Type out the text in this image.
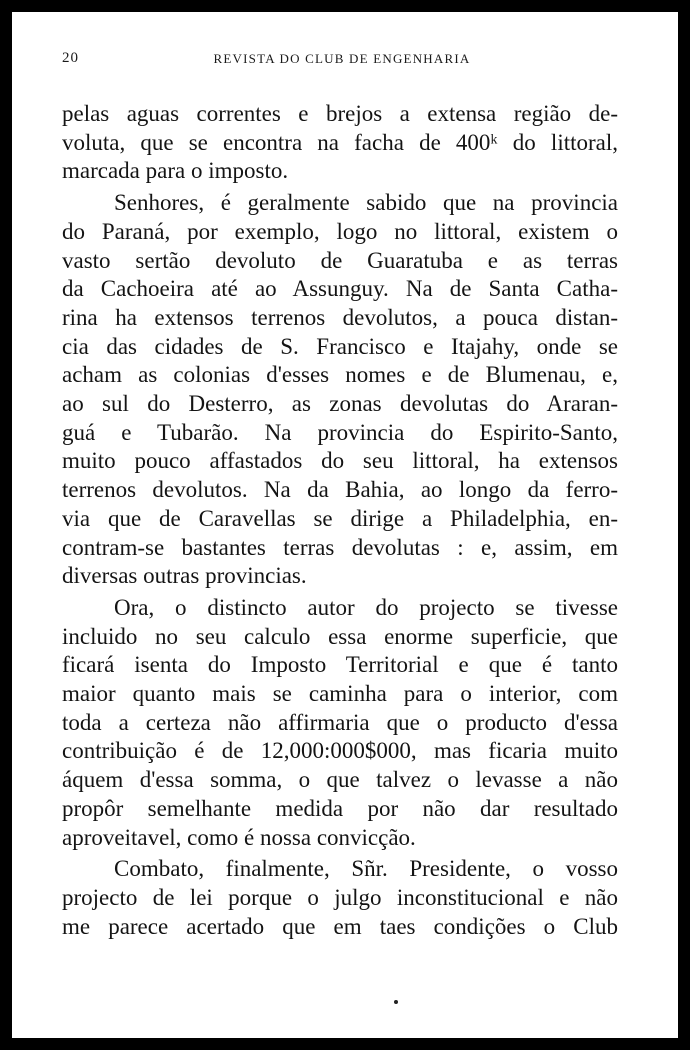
20	REVISTA DO CLUB DE ENGENHARIA
pelas aguas correntes e brejos a extensa região de-
voluta, que se encontra na facha de 400ᵏ do littoral,
marcada para o imposto.
Senhores, é geralmente sabido que na provincia
do Paraná, por exemplo, logo no littoral, existem o
vasto sertão devoluto de Guaratuba e as terras
da Cachoeira até ao Assunguy. Na de Santa Catha-
rina ha extensos terrenos devolutos, a pouca distan-
cia das cidades de S. Francisco e Itajahy, onde se
acham as colonias d'esses nomes e de Blumenau, e,
ao sul do Desterro, as zonas devolutas do Araran-
guá e Tubarão. Na provincia do Espirito-Santo,
muito pouco affastados do seu littoral, ha extensos
terrenos devolutos. Na da Bahia, ao longo da ferro-
via que de Caravellas se dirige a Philadelphia, en-
contram-se bastantes terras devolutas : e, assim, em
diversas outras provincias.
Ora, o distincto autor do projecto se tivesse
incluido no seu calculo essa enorme superficie, que
ficará isenta do Imposto Territorial e que é tanto
maior quanto mais se caminha para o interior, com
toda a certeza não affirmaria que o producto d'essa
contribuição é de 12,000:000$000, mas ficaria muito
áquem d'essa somma, o que talvez o levasse a não
propôr semelhante medida por não dar resultado
aproveitavel, como é nossa convicção.
Combato, finalmente, Sñr. Presidente, o vosso
projecto de lei porque o julgo inconstitucional e não
me parece acertado que em taes condições o Club
